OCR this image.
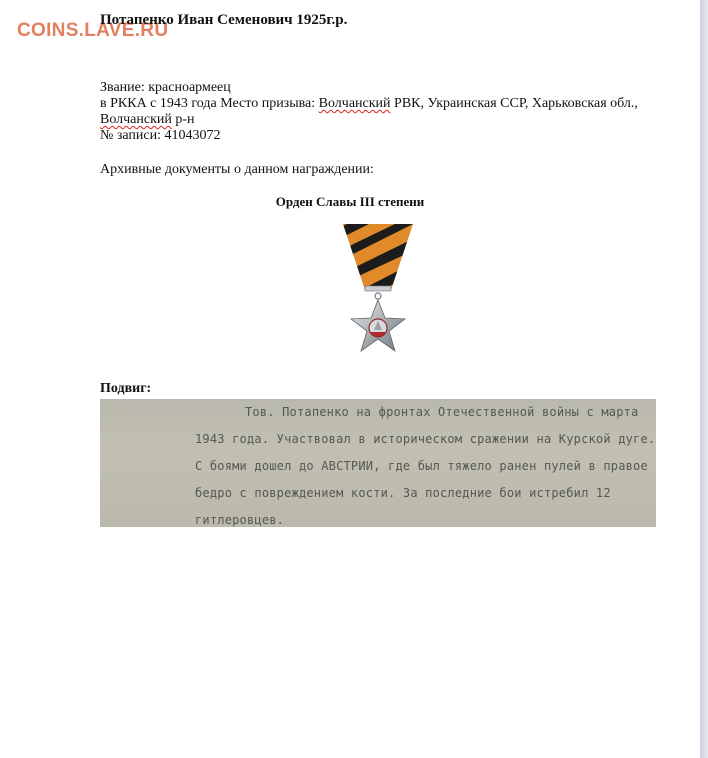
COINS.LAVE.RU
Потапенко Иван Семенович 1925г.р.
Звание: красноармеец
в РККА с 1943 года Место призыва: Волчанский РВК, Украинская ССР, Харьковская обл.,
Волчанский р-н
№ записи: 41043072
Архивные документы о данном награждении:
Орден Славы III степени
Подвиг:
Тов. Потапенко на фронтах Отечественной войны с марта
1943 года. Участвовал в историческом сражении на Курской дуге.
С боями дошел до АВСТРИИ, где был тяжело ранен пулей в правое
бедро с повреждением кости. За последние бои истребил 12
гитлеровцев.
